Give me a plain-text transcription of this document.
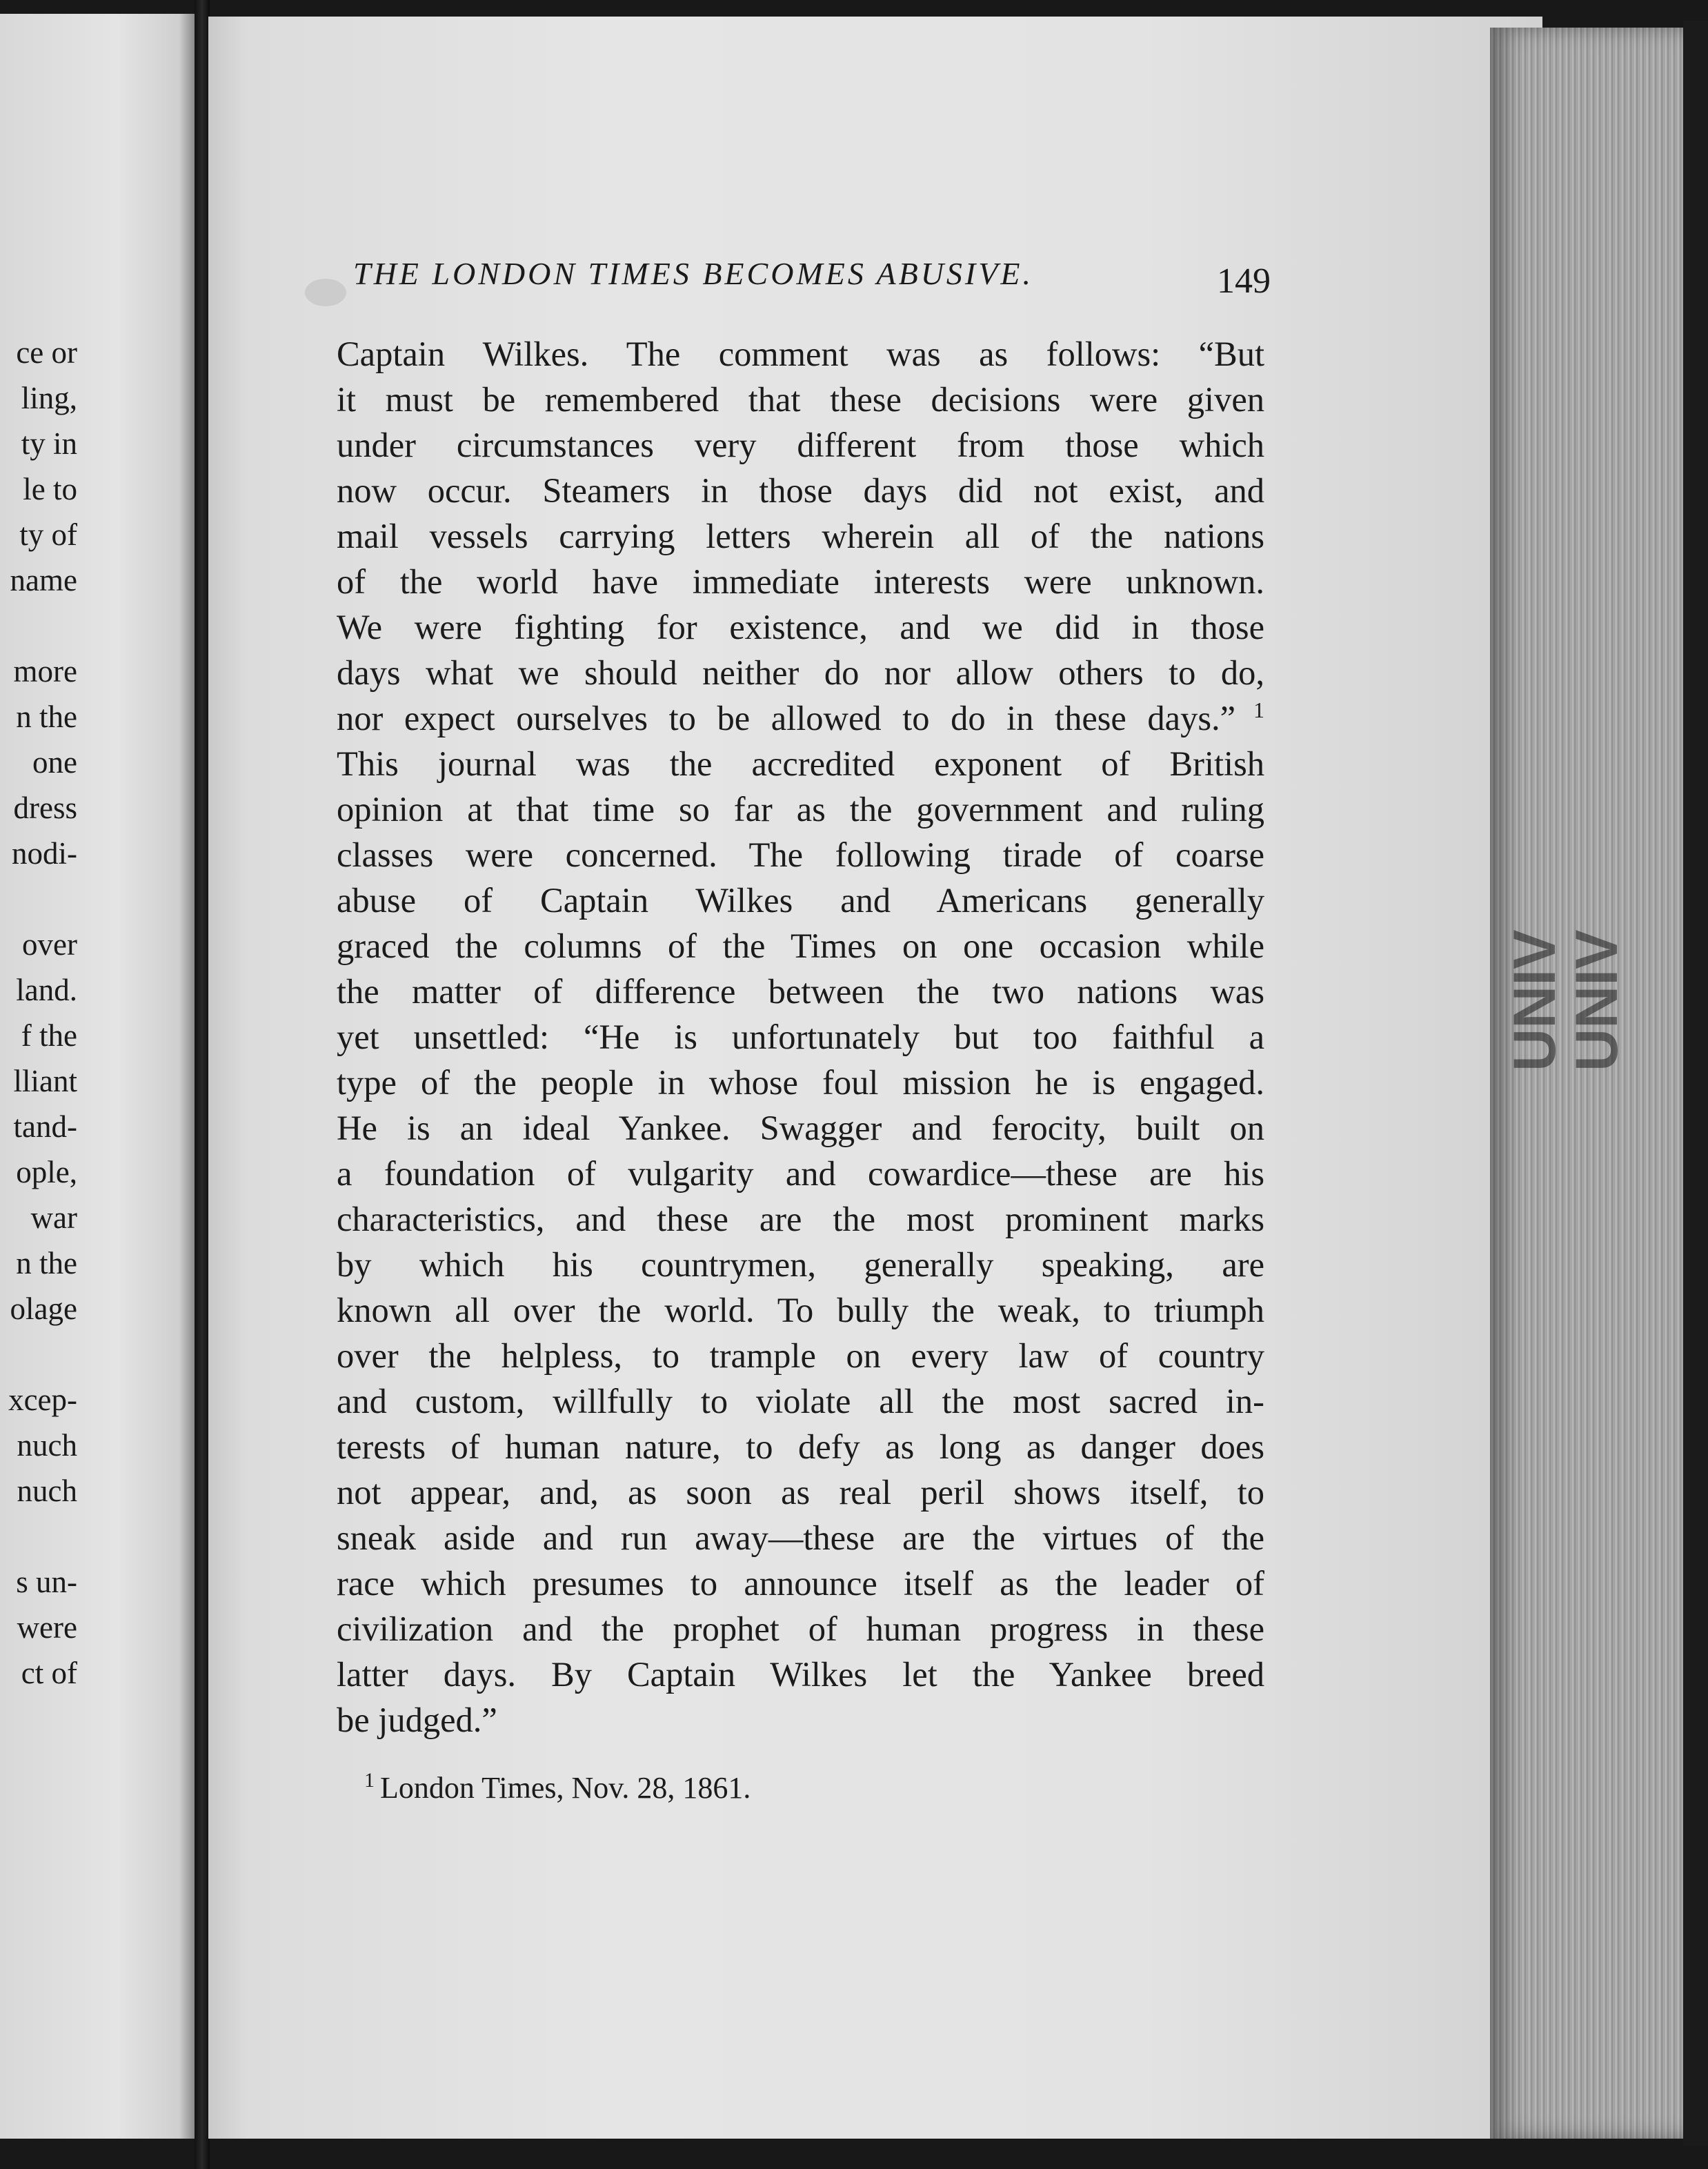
ce or
ling,
ty in
le to
ty of
name
more
n the
one
dress
nodi-
over
land.
f the
lliant
tand-
ople,
war
n the
olage
xcep-
nuch
nuch
s un-
were
ct of
UNIV
UNIV
THE LONDON TIMES BECOMES ABUSIVE.	149
Captain Wilkes. The comment was as follows: “But
it must be remembered that these decisions were given
under circumstances very different from those which
now occur. Steamers in those days did not exist, and
mail vessels carrying letters wherein all of the nations
of the world have immediate interests were unknown.
We were fighting for existence, and we did in those
days what we should neither do nor allow others to do,
nor expect ourselves to be allowed to do in these days.” $^1$
This journal was the accredited exponent of British
opinion at that time so far as the government and ruling
classes were concerned. The following tirade of coarse
abuse of Captain Wilkes and Americans generally
graced the columns of the Times on one occasion while
the matter of difference between the two nations was
yet unsettled: “He is unfortunately but too faithful a
type of the people in whose foul mission he is engaged.
He is an ideal Yankee. Swagger and ferocity, built on
a foundation of vulgarity and cowardice—these are his
characteristics, and these are the most prominent marks
by which his countrymen, generally speaking, are
known all over the world. To bully the weak, to triumph
over the helpless, to trample on every law of country
and custom, willfully to violate all the most sacred in-
terests of human nature, to defy as long as danger does
not appear, and, as soon as real peril shows itself, to
sneak aside and run away—these are the virtues of the
race which presumes to announce itself as the leader of
civilization and the prophet of human progress in these
latter days. By Captain Wilkes let the Yankee breed
be judged.”
$^1$ London Times, Nov. 28, 1861.
